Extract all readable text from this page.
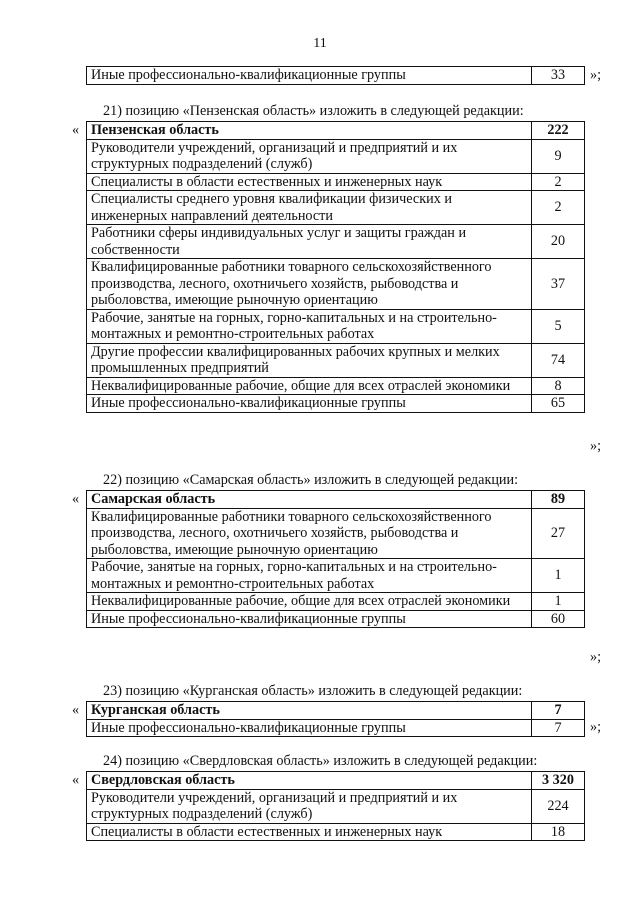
11
Иные профессионально-квалификационные группы	33 »;
21) позицию «Пензенская область» изложить в следующей редакции:
« Пензенская область	222
Руководители учреждений, организаций и предприятий и их структурных подразделений (служб)	9
Специалисты в области естественных и инженерных наук	2
Специалисты среднего уровня квалификации физических и инженерных направлений деятельности	2
Работники сферы индивидуальных услуг и защиты граждан и собственности	20
Квалифицированные работники товарного сельскохозяйственного производства, лесного, охотничьего хозяйств, рыбоводства и рыболовства, имеющие рыночную ориентацию	37
Рабочие, занятые на горных, горно-капитальных и на строительно-монтажных и ремонтно-строительных работах	5
Другие профессии квалифицированных рабочих крупных и мелких промышленных предприятий	74
Неквалифицированные рабочие, общие для всех отраслей экономики	8
Иные профессионально-квалификационные группы	65
»;
22) позицию «Самарская область» изложить в следующей редакции:
« Самарская область	89
Квалифицированные работники товарного сельскохозяйственного производства, лесного, охотничьего хозяйств, рыбоводства и рыболовства, имеющие рыночную ориентацию	27
Рабочие, занятые на горных, горно-капитальных и на строительно-монтажных и ремонтно-строительных работах	1
Неквалифицированные рабочие, общие для всех отраслей экономики	1
Иные профессионально-квалификационные группы	60
»;
23) позицию «Курганская область» изложить в следующей редакции:
« Курганская область	7
Иные профессионально-квалификационные группы	7 »;
24) позицию «Свердловская область» изложить в следующей редакции:
« Свердловская область	3 320
Руководители учреждений, организаций и предприятий и их структурных подразделений (служб)	224
Специалисты в области естественных и инженерных наук	18
